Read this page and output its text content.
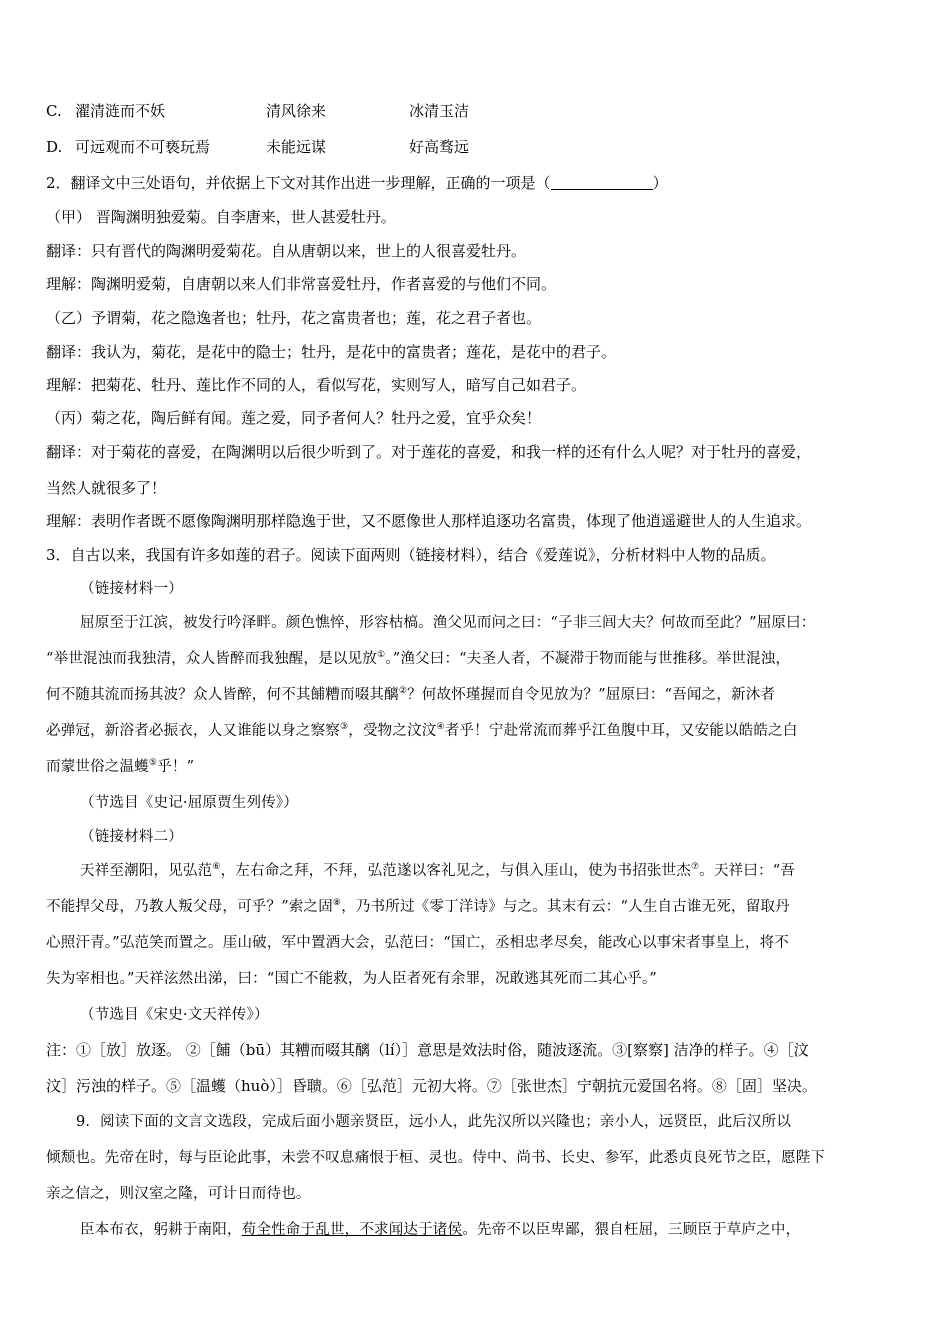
C. 濯清涟而不妖	清风徐来	冰清玉洁
D. 可远观而不可亵玩焉	未能远谋	好高骛远
2．翻译文中三处语句，并依据上下文对其作出进一步理解，正确的一项是（	）
（甲） 晋陶渊明独爱菊。自李唐来，世人甚爱牡丹。
翻译：只有晋代的陶渊明爱菊花。自从唐朝以来，世上的人很喜爱牡丹。
理解：陶渊明爱菊，自唐朝以来人们非常喜爱牡丹，作者喜爱的与他们不同。
（乙）予谓菊，花之隐逸者也；牡丹，花之富贵者也；莲，花之君子者也。
翻译：我认为，菊花，是花中的隐士；牡丹，是花中的富贵者；莲花，是花中的君子。
理解：把菊花、牡丹、莲比作不同的人，看似写花，实则写人，暗写自己如君子。
（丙）菊之花，陶后鲜有闻。莲之爱，同予者何人？牡丹之爱，宜乎众矣！
翻译：对于菊花的喜爱，在陶渊明以后很少听到了。对于莲花的喜爱，和我一样的还有什么人呢？对于牡丹的喜爱，
当然人就很多了！
理解：表明作者既不愿像陶渊明那样隐逸于世，又不愿像世人那样追逐功名富贵，体现了他逍遥避世人的人生追求。
3．自古以来，我国有许多如莲的君子。阅读下面两则（链接材料），结合《爱莲说》，分析材料中人物的品质。
（链接材料一）
屈原至于江滨，被发行吟泽畔。颜色憔悴，形容枯槁。渔父见而问之曰：“子非三闾大夫？何故而至此？”屈原曰：
“举世混浊而我独清，众人皆醉而我独醒，是以见放①。”渔父曰：“夫圣人者，不凝滞于物而能与世推移。举世混浊，
何不随其流而扬其波？众人皆醉，何不其餔糟而啜其醨②？何故怀瑾握而自令见放为？”屈原曰：“吾闻之，新沐者
必弹冠，新浴者必振衣，人又谁能以身之察察③，受物之汶汶④者乎！宁赴常流而葬乎江鱼腹中耳，又安能以皓皓之白
而蒙世俗之温蠖⑤乎！”
（节选目《史记·屈原贾生列传》）
（链接材料二）
天祥至潮阳，见弘范⑥，左右命之拜，不拜，弘范遂以客礼见之，与俱入厓山，使为书招张世杰⑦。天祥曰：“吾
不能捍父母，乃教人叛父母，可乎？”索之固⑧，乃书所过《零丁洋诗》与之。其末有云：“人生自古谁无死，留取丹
心照汗青。”弘范笑而置之。厓山破，军中置酒大会，弘范曰：“国亡，丞相忠孝尽矣，能改心以事宋者事皇上，将不
失为宰相也。”天祥泫然出涕，曰：“国亡不能救，为人臣者死有余罪，况敢逃其死而二其心乎。”
（节选目《宋史·文天祥传》）
注：①［放］放逐。 ②［餔（bū）其糟而啜其醨（lí）］意思是效法时俗，随波逐流。③[察察] 洁净的样子。④［汶
汶］污浊的样子。⑤［温蠖（huò）］昏聩。⑥［弘范］元初大将。⑦［张世杰］宁朝抗元爱国名将。⑧［固］坚决。
9．阅读下面的文言文选段，完成后面小题亲贤臣，远小人，此先汉所以兴隆也；亲小人，远贤臣，此后汉所以
倾颓也。先帝在时，每与臣论此事，未尝不叹息痛恨于桓、灵也。侍中、尚书、长史、参军，此悉贞良死节之臣，愿陛下
亲之信之，则汉室之隆，可计日而待也。
臣本布衣，躬耕于南阳，苟全性命于乱世，不求闻达于诸侯。先帝不以臣卑鄙，猥自枉屈，三顾臣于草庐之中，
